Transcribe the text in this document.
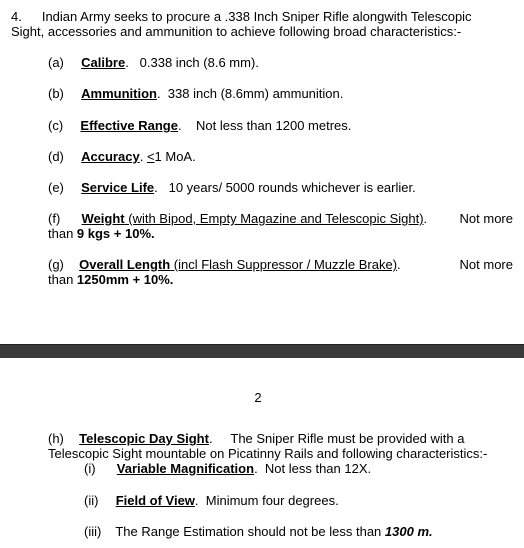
4. Indian Army seeks to procure a .338 Inch Sniper Rifle alongwith Telescopic
Sight, accessories and ammunition to achieve following broad characteristics:-
(a) Calibre.   0.338 inch (8.6 mm).
(b) Ammunition.  338 inch (8.6mm) ammunition.
(c) Effective Range.    Not less than 1200 metres.
(d) Accuracy. <1 MoA.
(e) Service Life.   10 years/ 5000 rounds whichever is earlier.
(f) Weight (with Bipod, Empty Magazine and Telescopic Sight). Not more
than 9 kgs + 10%.
(g) Overall Length (incl Flash Suppressor / Muzzle Brake).	Not more
than 1250mm + 10%.
2
(h) Telescopic Day Sight.     The Sniper Rifle must be provided with a
Telescopic Sight mountable on Picatinny Rails and following characteristics:-
(i) Variable Magnification.  Not less than 12X.
(ii) Field of View.  Minimum four degrees.
(iii) The Range Estimation should not be less than 1300 m.
